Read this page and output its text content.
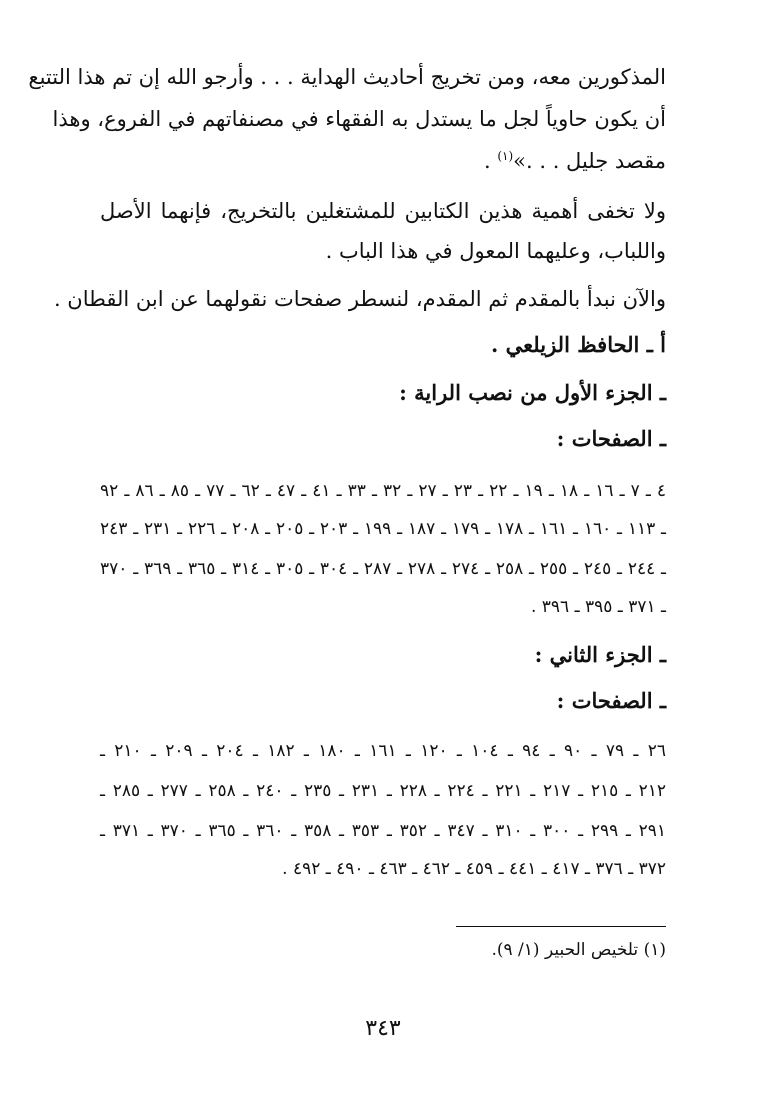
المذكورين معه، ومن تخريج أحاديث الهداية . . . وأرجو الله إن تم هذا التتبع
أن يكون حاوياً لجل ما يستدل به الفقهاء في مصنفاتهم في الفروع، وهذا
مقصد جليل . . .»$^{(١)}$ .
ولا تخفى أهمية هذين الكتابين للمشتغلين بالتخريج، فإنهما الأصل
واللباب، وعليهما المعول في هذا الباب .
والآن نبدأ بالمقدم ثم المقدم، لنسطر صفحات نقولهما عن ابن القطان .
أ ـ الحافظ الزيلعي .
ـ الجزء الأول من نصب الراية :
ـ الصفحات :
٤ ـ ٧ ـ ١٦ ـ ١٨ ـ ١٩ ـ ٢٢ ـ ٢٣ ـ ٢٧ ـ ٣٢ ـ ٣٣ ـ ٤١ ـ ٤٧ ـ ٦٢ ـ ٧٧ ـ ٨٥ ـ ٨٦ ـ ٩٢
ـ ١١٣ ـ ١٦٠ ـ ١٦١ ـ ١٧٨ ـ ١٧٩ ـ ١٨٧ ـ ١٩٩ ـ ٢٠٣ ـ ٢٠٥ ـ ٢٠٨ ـ ٢٢٦ ـ ٢٣١ ـ ٢٤٣
ـ ٢٤٤ ـ ٢٤٥ ـ ٢٥٥ ـ ٢٥٨ ـ ٢٧٤ ـ ٢٧٨ ـ ٢٨٧ ـ ٣٠٤ ـ ٣٠٥ ـ ٣١٤ ـ ٣٦٥ ـ ٣٦٩ ـ ٣٧٠
ـ ٣٧١ ـ ٣٩٥ ـ ٣٩٦ .
ـ الجزء الثاني :
ـ الصفحات :
٢٦ ـ ٧٩ ـ ٩٠ ـ ٩٤ ـ ١٠٤ ـ ١٢٠ ـ ١٦١ ـ ١٨٠ ـ ١٨٢ ـ ٢٠٤ ـ ٢٠٩ ـ ٢١٠ ـ
٢١٢ ـ ٢١٥ ـ ٢١٧ ـ ٢٢١ ـ ٢٢٤ ـ ٢٢٨ ـ ٢٣١ ـ ٢٣٥ ـ ٢٤٠ ـ ٢٥٨ ـ ٢٧٧ ـ ٢٨٥ ـ
٢٩١ ـ ٢٩٩ ـ ٣٠٠ ـ ٣١٠ ـ ٣٤٧ ـ ٣٥٢ ـ ٣٥٣ ـ ٣٥٨ ـ ٣٦٠ ـ ٣٦٥ ـ ٣٧٠ ـ ٣٧١ ـ
٣٧٢ ـ ٣٧٦ ـ ٤١٧ ـ ٤٤١ ـ ٤٥٩ ـ ٤٦٢ ـ ٤٦٣ ـ ٤٩٠ ـ ٤٩٢ .
(١) تلخيص الحبير (١/ ٩).
٣٤٣
